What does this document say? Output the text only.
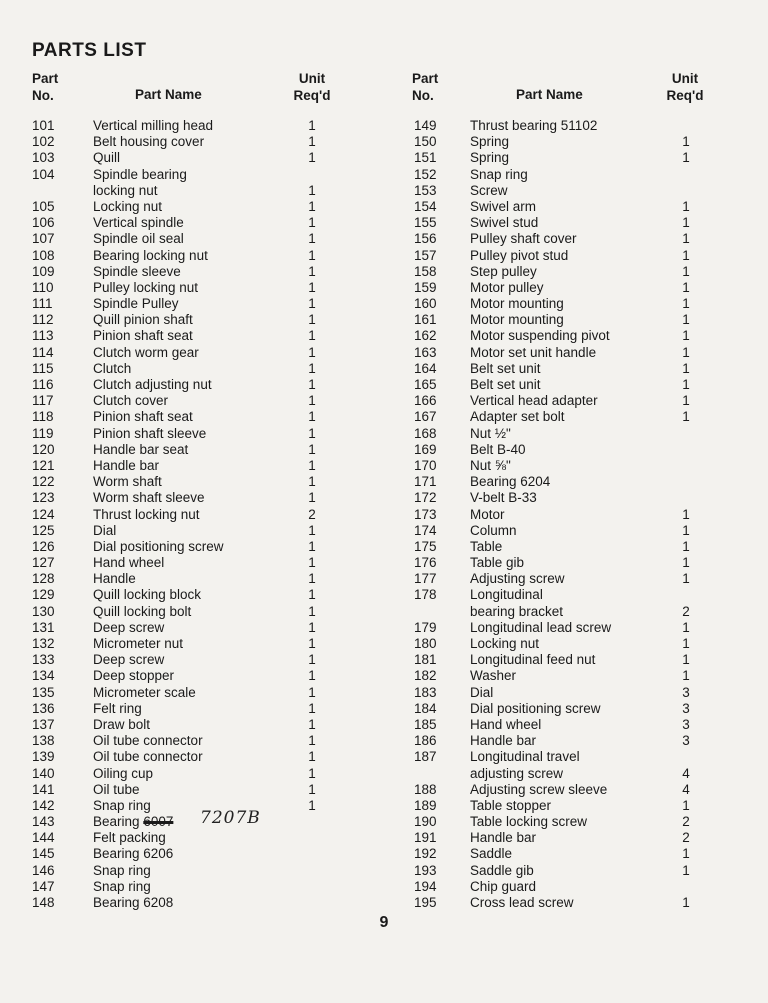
PARTS LIST
Part
No.	Part Name
Unit
Req'd
101	Vertical milling head	1
102	Belt housing cover	1
103	Quill	1
104	Spindle bearing
locking nut	1
105	Locking nut	1
106	Vertical spindle	1
107	Spindle oil seal	1
108	Bearing locking nut	1
109	Spindle sleeve	1
110	Pulley locking nut	1
111	Spindle Pulley	1
112	Quill pinion shaft	1
113	Pinion shaft seat	1
114	Clutch worm gear	1
115	Clutch	1
116	Clutch adjusting nut	1
117	Clutch cover	1
118	Pinion shaft seat	1
119	Pinion shaft sleeve	1
120	Handle bar seat	1
121	Handle bar	1
122	Worm shaft	1
123	Worm shaft sleeve	1
124	Thrust locking nut	2
125	Dial	1
126	Dial positioning screw	1
127	Hand wheel	1
128	Handle	1
129	Quill locking block	1
130	Quill locking bolt	1
131	Deep screw	1
132	Micrometer nut	1
133	Deep screw	1
134	Deep stopper	1
135	Micrometer scale	1
136	Felt ring	1
137	Draw bolt	1
138	Oil tube connector	1
139	Oil tube connector	1
140	Oiling cup	1
141	Oil tube	1
142	Snap ring	1
143	Bearing 6007
144	Felt packing
145	Bearing 6206
146	Snap ring
147	Snap ring
148	Bearing 6208
Part
No.	Part Name
Unit
Req'd
149	Thrust bearing 51102
150	Spring	1
151	Spring	1
152	Snap ring
153	Screw
154	Swivel arm	1
155	Swivel stud	1
156	Pulley shaft cover	1
157	Pulley pivot stud	1
158	Step pulley	1
159	Motor pulley	1
160	Motor mounting	1
161	Motor mounting	1
162	Motor suspending pivot	1
163	Motor set unit handle	1
164	Belt set unit	1
165	Belt set unit	1
166	Vertical head adapter	1
167	Adapter set bolt	1
168	Nut ½"
169	Belt B-40
170	Nut ⅝"
171	Bearing 6204
172	V-belt B-33
173	Motor	1
174	Column	1
175	Table	1
176	Table gib	1
177	Adjusting screw	1
178	Longitudinal
bearing bracket	2
179	Longitudinal lead screw	1
180	Locking nut	1
181	Longitudinal feed nut	1
182	Washer	1
183	Dial	3
184	Dial positioning screw	3
185	Hand wheel	3
186	Handle bar	3
187	Longitudinal travel
adjusting screw	4
188	Adjusting screw sleeve	4
189	Table stopper	1
190	Table locking screw	2
191	Handle bar	2
192	Saddle	1
193	Saddle gib	1
194	Chip guard
195	Cross lead screw	1
7207B
9
